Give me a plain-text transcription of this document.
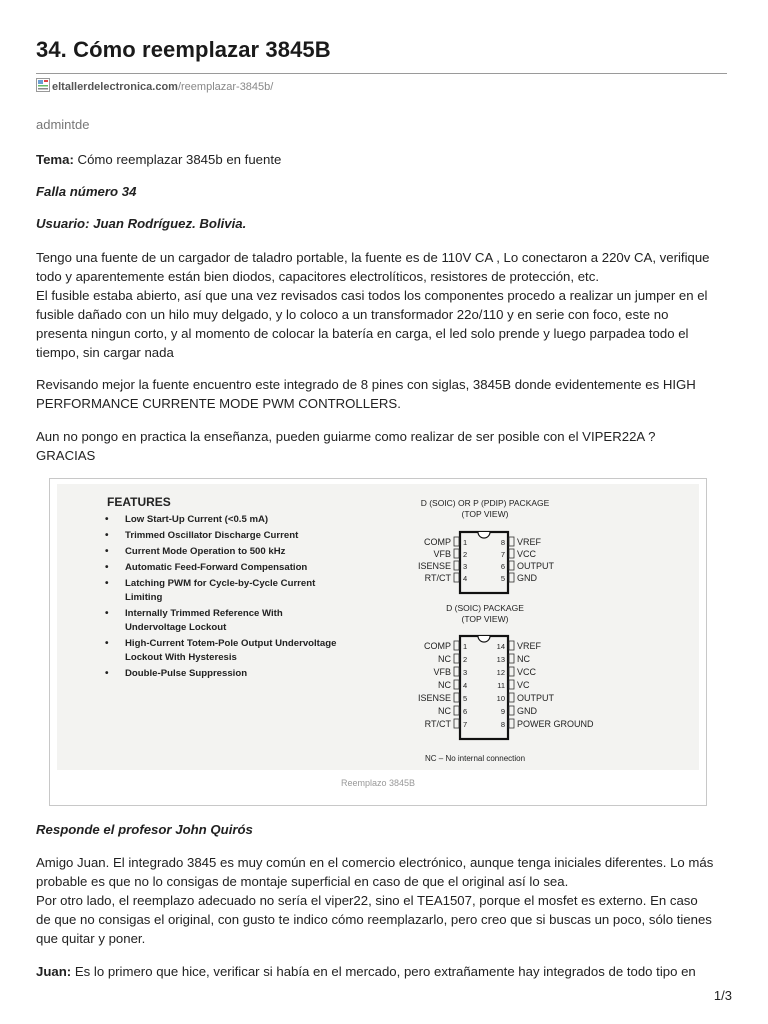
34. Cómo reemplazar 3845B
eltallerdelectronica.com /reemplazar-3845b/
admintde

Tema: Cómo reemplazar 3845b en fuente

Falla número 34

Usuario: Juan Rodríguez. Bolivia.

Tengo una fuente de un cargador de taladro portable, la fuente es de 110V CA , Lo conectaron a 220v CA, verifique
todo y aparentemente están bien diodos, capacitores electrolíticos, resistores de protección, etc.
El fusible estaba abierto, así que una vez revisados casi todos los componentes procedo a realizar un jumper en el
fusible dañado con un hilo muy delgado, y lo coloco a un transformador 22o/110 y en serie con foco, este no
presenta ningun corto, y al momento de colocar la batería en carga, el led solo prende y luego parpadea todo el
tiempo, sin cargar nada

Revisando mejor la fuente encuentro este integrado de 8 pines con siglas, 3845B donde evidentemente es HIGH
PERFORMANCE CURRENTE MODE PWM CONTROLLERS.

Aun no pongo en practica la enseñanza, pueden guiarme como realizar de ser posible con el VIPER22A ?
GRACIAS

FEATURES
• Low Start-Up Current (<0.5 mA)
• Trimmed Oscillator Discharge Current
• Current Mode Operation to 500 kHz
• Automatic Feed-Forward Compensation
• Latching PWM for Cycle-by-Cycle Current Limiting
• Internally Trimmed Reference With Undervoltage Lockout
• High-Current Totem-Pole Output Undervoltage Lockout With Hysteresis
• Double-Pulse Suppression
D (SOIC) OR P (PDIP) PACKAGE
(TOP VIEW)
COMP
VFB
ISENSE
RT/CT
1
2
3
4
8
7
6
5
VREF
VCC
OUTPUT
GND
D (SOIC) PACKAGE
(TOP VIEW)
COMP
NC
VFB
NC
ISENSE
NC
RT/CT
1
2
3
4
5
6
7
14
13
12
11
10
9
8
VREF
NC
VCC
VC
OUTPUT
GND
POWER GROUND
NC – No internal connection
Reemplazo 3845B

Responde el profesor John Quirós

Amigo Juan. El integrado 3845 es muy común en el comercio electrónico, aunque tenga iniciales diferentes. Lo más
probable es que no lo consigas de montaje superficial en caso de que el original así lo sea.
Por otro lado, el reemplazo adecuado no sería el viper22, sino el TEA1507, porque el mosfet es externo. En caso
de que no consigas el original, con gusto te indico cómo reemplazarlo, pero creo que si buscas un poco, sólo tienes
que quitar y poner.

Juan: Es lo primero que hice, verificar si había en el mercado, pero extrañamente hay integrados de todo tipo en

1/3
